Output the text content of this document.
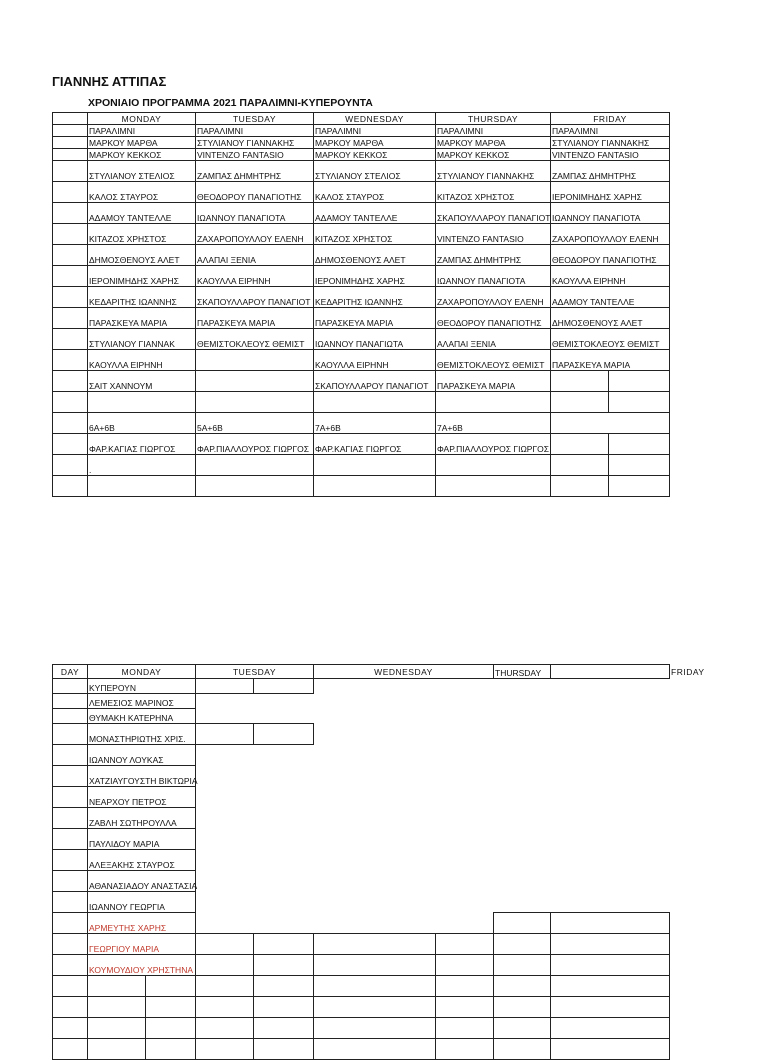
ΓΙΑΝΝΗΣ ΑΤΤΙΠΑΣ
ΧΡΟΝΙΑΙΟ ΠΡΟΓΡΑΜΜΑ 2021 ΠΑΡΑΛΙΜΝΙ-ΚΥΠΕΡΟΥΝΤΑ
	MONDAY	TUESDAY	WEDNESDAY	THURSDAY	FRIDAY	
	ΠΑΡΑΛΙΜΝΙ	ΠΑΡΑΛΙΜΝΙ	ΠΑΡΑΛΙΜΝΙ	ΠΑΡΑΛΙΜΝΙ	ΠΑΡΑΛΙΜΝΙ	
	ΜΑΡΚΟΥ ΜΑΡΘΑ	ΣΤΥΛΙΑΝΟΥ ΓΙΑΝΝΑΚΗΣ	ΜΑΡΚΟΥ ΜΑΡΘΑ	ΜΑΡΚΟΥ ΜΑΡΘΑ	ΣΤΥΛΙΑΝΟΥ ΓΙΑΝΝΑΚΗΣ	
	ΜΑΡΚΟΥ ΚΕΚΚΟΣ	VINTENZO FANTASIO	ΜΑΡΚΟΥ ΚΕΚΚΟΣ	ΜΑΡΚΟΥ ΚΕΚΚΟΣ	VINTENZO FANTASIO	
	ΣΤΥΛΙΑΝΟΥ ΣΤΕΛΙΟΣ	ΖΑΜΠΑΣ ΔΗΜΗΤΡΗΣ	ΣΤΥΛΙΑΝΟΥ ΣΤΕΛΙΟΣ	ΣΤΥΛΙΑΝΟΥ ΓΙΑΝΝΑΚΗΣ	ΖΑΜΠΑΣ ΔΗΜΗΤΡΗΣ	
	ΚΑΛΟΣ ΣΤΑΥΡΟΣ	ΘΕΟΔΟΡΟΥ ΠΑΝΑΓΙΟΤΗΣ	ΚΑΛΟΣ ΣΤΑΥΡΟΣ	ΚΙΤΑΖΟΣ ΧΡΗΣΤΟΣ	ΙΕΡΟΝΙΜΗΔΗΣ ΧΑΡΗΣ	
	ΑΔΑΜΟΥ ΤΑΝΤΕΛΛΕ	ΙΩΑΝΝΟΥ ΠΑΝΑΓΙΟΤΑ	ΑΔΑΜΟΥ ΤΑΝΤΕΛΛΕ	ΣΚΑΠΟΥΛΛΑΡΟΥ ΠΑΝΑΓΙΟΤ	ΙΩΑΝΝΟΥ ΠΑΝΑΓΙΟΤΑ	
	ΚΙΤΑΖΟΣ ΧΡΗΣΤΟΣ	ΖΑΧΑΡΟΠΟΥΛΛΟΥ ΕΛΕΝΗ	ΚΙΤΑΖΟΣ ΧΡΗΣΤΟΣ	VINTENZO FANTASIO	ΖΑΧΑΡΟΠΟΥΛΛΟΥ ΕΛΕΝΗ	
	ΔΗΜΟΣΘΕΝΟΥΣ ΑΛΕΤ	ΑΛΑΠΑΙ ΞΕΝΙΑ	ΔΗΜΟΣΘΕΝΟΥΣ ΑΛΕΤ	ΖΑΜΠΑΣ ΔΗΜΗΤΡΗΣ	ΘΕΟΔΟΡΟΥ ΠΑΝΑΓΙΟΤΗΣ	
	ΙΕΡΟΝΙΜΗΔΗΣ ΧΑΡΗΣ	ΚΑΟΥΛΛΑ ΕΙΡΗΝΗ	ΙΕΡΟΝΙΜΗΔΗΣ ΧΑΡΗΣ	ΙΩΑΝΝΟΥ ΠΑΝΑΓΙΟΤΑ	ΚΑΟΥΛΛΑ ΕΙΡΗΝΗ	
	ΚΕΔΑΡΙΤΗΣ ΙΩΑΝΝΗΣ	ΣΚΑΠΟΥΛΛΑΡΟΥ ΠΑΝΑΓΙΟΤ	ΚΕΔΑΡΙΤΗΣ ΙΩΑΝΝΗΣ	ΖΑΧΑΡΟΠΟΥΛΛΟΥ ΕΛΕΝΗ	ΑΔΑΜΟΥ ΤΑΝΤΕΛΛΕ	
	ΠΑΡΑΣΚΕΥΑ ΜΑΡΙΑ	ΠΑΡΑΣΚΕΥΑ ΜΑΡΙΑ	ΠΑΡΑΣΚΕΥΑ ΜΑΡΙΑ	ΘΕΟΔΟΡΟΥ ΠΑΝΑΓΙΟΤΗΣ	ΔΗΜΟΣΘΕΝΟΥΣ ΑΛΕΤ	
	ΣΤΥΛΙΑΝΟΥ ΓΙΑΝΝΑΚ	ΘΕΜΙΣΤΟΚΛΕΟΥΣ ΘΕΜΙΣΤ	ΙΩΑΝΝΟΥ ΠΑΝΑΓΙΩΤΑ	ΑΛΑΠΑΙ ΞΕΝΙΑ	ΘΕΜΙΣΤΟΚΛΕΟΥΣ ΘΕΜΙΣΤ	
	ΚΑΟΥΛΛΑ ΕΙΡΗΝΗ		ΚΑΟΥΛΛΑ ΕΙΡΗΝΗ	ΘΕΜΙΣΤΟΚΛΕΟΥΣ ΘΕΜΙΣΤ	ΠΑΡΑΣΚΕΥΑ ΜΑΡΙΑ	
	ΣΑΙΤ ΧΑΝΝΟΥΜ		ΣΚΑΠΟΥΛΛΑΡΟΥ ΠΑΝΑΓΙΟΤ	ΠΑΡΑΣΚΕΥΑ ΜΑΡΙΑ		

	6Α+6Β	5Α+6Β	7Α+6Β	7Α+6Β		
	ΦΑΡ.ΚΑΓΙΑΣ ΓΙΩΡΓΟΣ	ΦΑΡ.ΠΙΑΛΛΟΥΡΟΣ ΓΙΩΡΓΟΣ	ΦΑΡ.ΚΑΓΙΑΣ ΓΙΩΡΓΟΣ	ΦΑΡ.ΠΙΑΛΛΟΥΡΟΣ ΓΙΩΡΓΟΣ		
	.					

DAY	MONDAY		TUESDAY		WEDNESDAY		THURSDAY		FRIDAY
	ΚΥΠΕΡΟΥΝ								
	ΛΕΜΕΣΙΟΣ ΜΑΡΙΝΟΣ								
	ΘΥΜΑΚΗ ΚΑΤΕΡΗΝΑ								
	ΜΟΝΑΣΤΗΡΙΩΤΗΣ ΧΡΙΣ.								
	ΙΩΑΝΝΟΥ ΛΟΥΚΑΣ								
	ΧΑΤΖΙΑΥΓΟΥΣΤΗ ΒΙΚΤΩΡΙΑ								
	ΝΕΑΡΧΟΥ ΠΕΤΡΟΣ								
	ΖΑΒΛΗ ΣΩΤΗΡΟΥΛΛΑ								
	ΠΑΥΛΙΔΟΥ ΜΑΡΙΑ								
	ΑΛΕΞΑΚΗΣ ΣΤΑΥΡΟΣ								
	ΑΘΑΝΑΣΙΑΔΟΥ ΑΝΑΣΤΑΣΙΑ								
	ΙΩΑΝΝΟΥ ΓΕΩΡΓΙΑ								
	ΑΡΜΕΥΤΗΣ ΧΑΡΗΣ								
	ΓΕΩΡΓΙΟΥ ΜΑΡΙΑ								
	ΚΟΥΜΟΥΔΙΟΥ ΧΡΗΣΤΗΝΑ								
